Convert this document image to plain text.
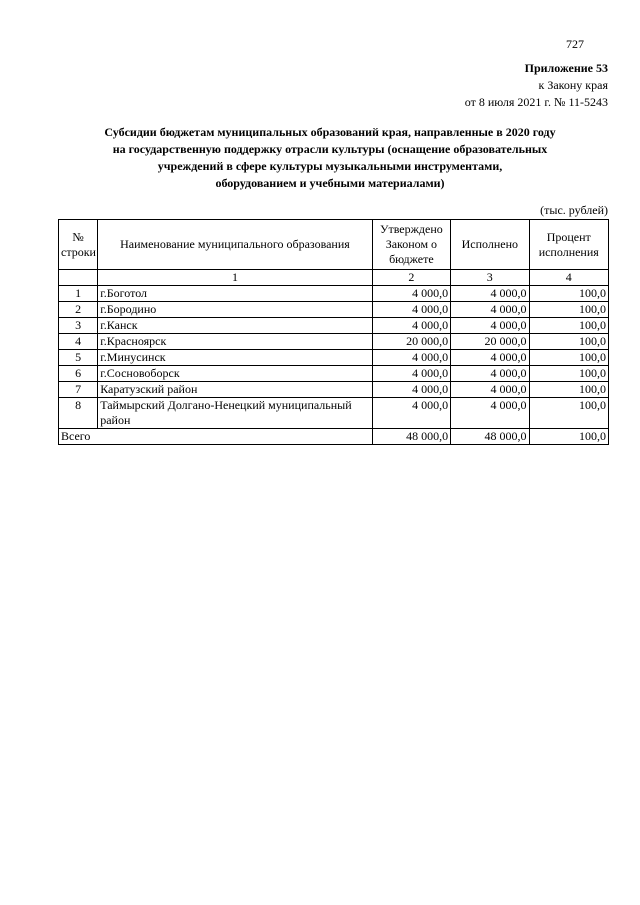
727
Приложение 53
к Закону края
от 8 июля 2021 г. № 11-5243
Субсидии бюджетам муниципальных образований края, направленные в 2020 году
на государственную поддержку отрасли культуры (оснащение образовательных
учреждений в сфере культуры музыкальными инструментами,
оборудованием и учебными материалами)
(тыс. рублей)
№ строки	Наименование муниципального образования	Утверждено Законом о бюджете	Исполнено	Процент исполнения
	1	2	3	4
1	г.Боготол	4 000,0	4 000,0	100,0
2	г.Бородино	4 000,0	4 000,0	100,0
3	г.Канск	4 000,0	4 000,0	100,0
4	г.Красноярск	20 000,0	20 000,0	100,0
5	г.Минусинск	4 000,0	4 000,0	100,0
6	г.Сосновоборск	4 000,0	4 000,0	100,0
7	Каратузский район	4 000,0	4 000,0	100,0
8	Таймырский Долгано-Ненецкий муниципальный район	4 000,0	4 000,0	100,0
Всего		48 000,0	48 000,0	100,0
